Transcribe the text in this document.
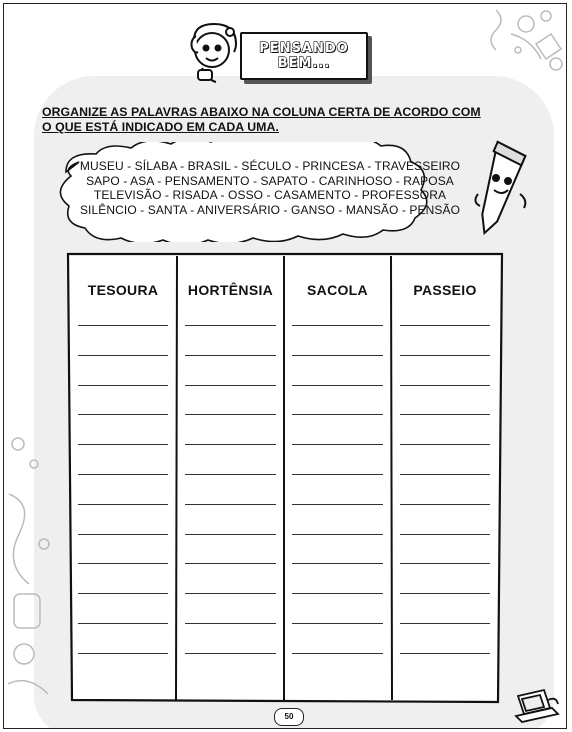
PENSANDO
BEM...
ORGANIZE AS PALAVRAS ABAIXO NA COLUNA CERTA DE ACORDO COM
O QUE ESTÁ INDICADO EM CADA UMA.
MUSEU - SÍLABA - BRASIL - SÉCULO - PRINCESA - TRAVESSEIRO
SAPO - ASA - PENSAMENTO - SAPATO - CARINHOSO - RAPOSA
TELEVISÃO - RISADA - OSSO - CASAMENTO - PROFESSORA
SILÊNCIO - SANTA - ANIVERSÁRIO - GANSO - MANSÃO - PENSÃO
TESOURA	HORTÊNSIA	SACOLA	PASSEIO
50
